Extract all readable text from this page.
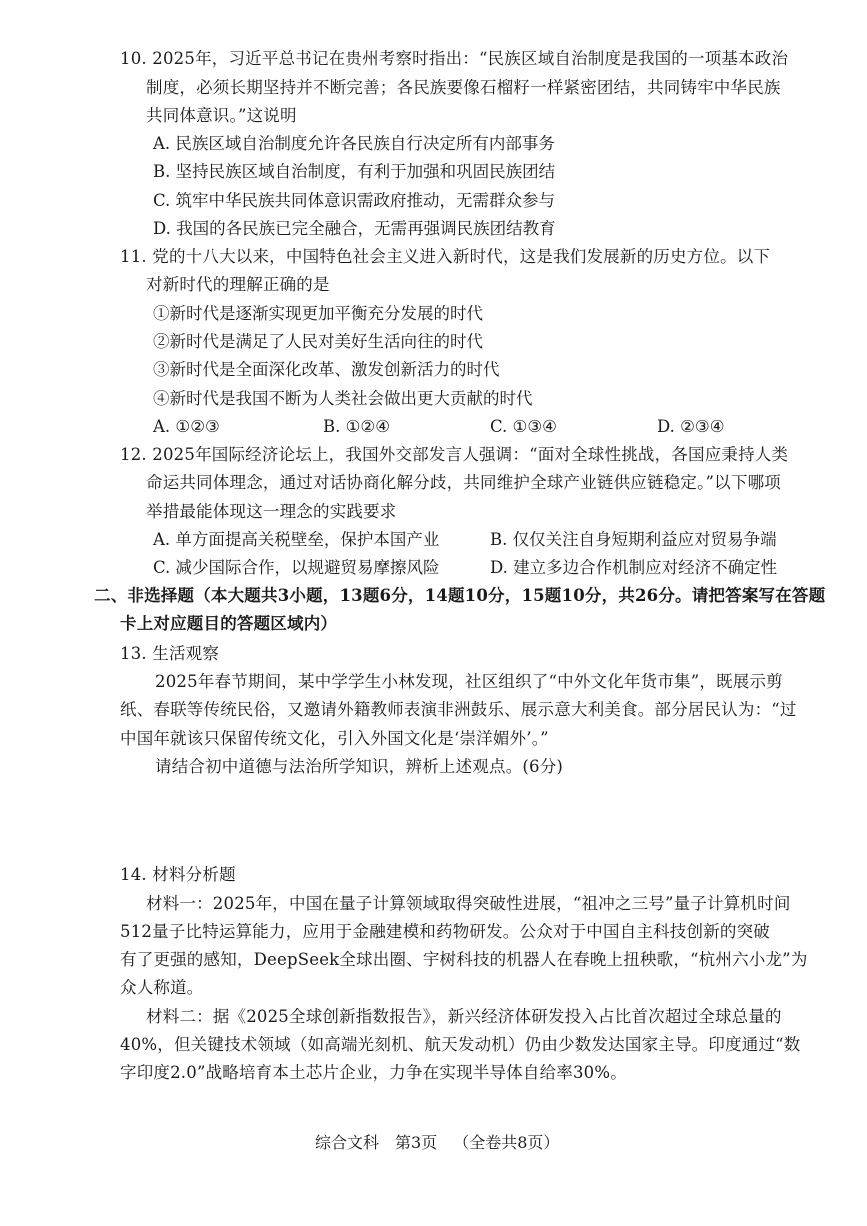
10. 2025年，习近平总书记在贵州考察时指出：“民族区域自治制度是我国的一项基本政治
制度，必须长期坚持并不断完善；各民族要像石榴籽一样紧密团结，共同铸牢中华民族
共同体意识。”这说明
A. 民族区域自治制度允许各民族自行决定所有内部事务
B. 坚持民族区域自治制度，有利于加强和巩固民族团结
C. 筑牢中华民族共同体意识需政府推动，无需群众参与
D. 我国的各民族已完全融合，无需再强调民族团结教育
11. 党的十八大以来，中国特色社会主义进入新时代，这是我们发展新的历史方位。以下
对新时代的理解正确的是
①新时代是逐渐实现更加平衡充分发展的时代
②新时代是满足了人民对美好生活向往的时代
③新时代是全面深化改革、激发创新活力的时代
④新时代是我国不断为人类社会做出更大贡献的时代
A. ①②③	B. ①②④	C. ①③④	D. ②③④
12. 2025年国际经济论坛上，我国外交部发言人强调：“面对全球性挑战，各国应秉持人类
命运共同体理念，通过对话协商化解分歧，共同维护全球产业链供应链稳定。”以下哪项
举措最能体现这一理念的实践要求
A. 单方面提高关税壁垒，保护本国产业	B. 仅仅关注自身短期利益应对贸易争端
C. 减少国际合作，以规避贸易摩擦风险	D. 建立多边合作机制应对经济不确定性
二、非选择题（本大题共3小题，13题6分，14题10分，15题10分，共26分。请把答案写在答题
卡上对应题目的答题区域内）
13. 生活观察
2025年春节期间，某中学学生小林发现，社区组织了“中外文化年货市集”，既展示剪
纸、春联等传统民俗，又邀请外籍教师表演非洲鼓乐、展示意大利美食。部分居民认为：“过
中国年就该只保留传统文化，引入外国文化是‘崇洋媚外’。”
请结合初中道德与法治所学知识，辨析上述观点。(6分)
14. 材料分析题
材料一：2025年，中国在量子计算领域取得突破性进展，“祖冲之三号”量子计算机时间
512量子比特运算能力，应用于金融建模和药物研发。公众对于中国自主科技创新的突破
有了更强的感知，DeepSeek全球出圈、宇树科技的机器人在春晚上扭秧歌，“杭州六小龙”为
众人称道。
材料二：据《2025全球创新指数报告》，新兴经济体研发投入占比首次超过全球总量的
40%，但关键技术领域（如高端光刻机、航天发动机）仍由少数发达国家主导。印度通过“数
字印度2.0”战略培育本土芯片企业，力争在实现半导体自给率30%。
综合文科 第3页 （全卷共8页）
